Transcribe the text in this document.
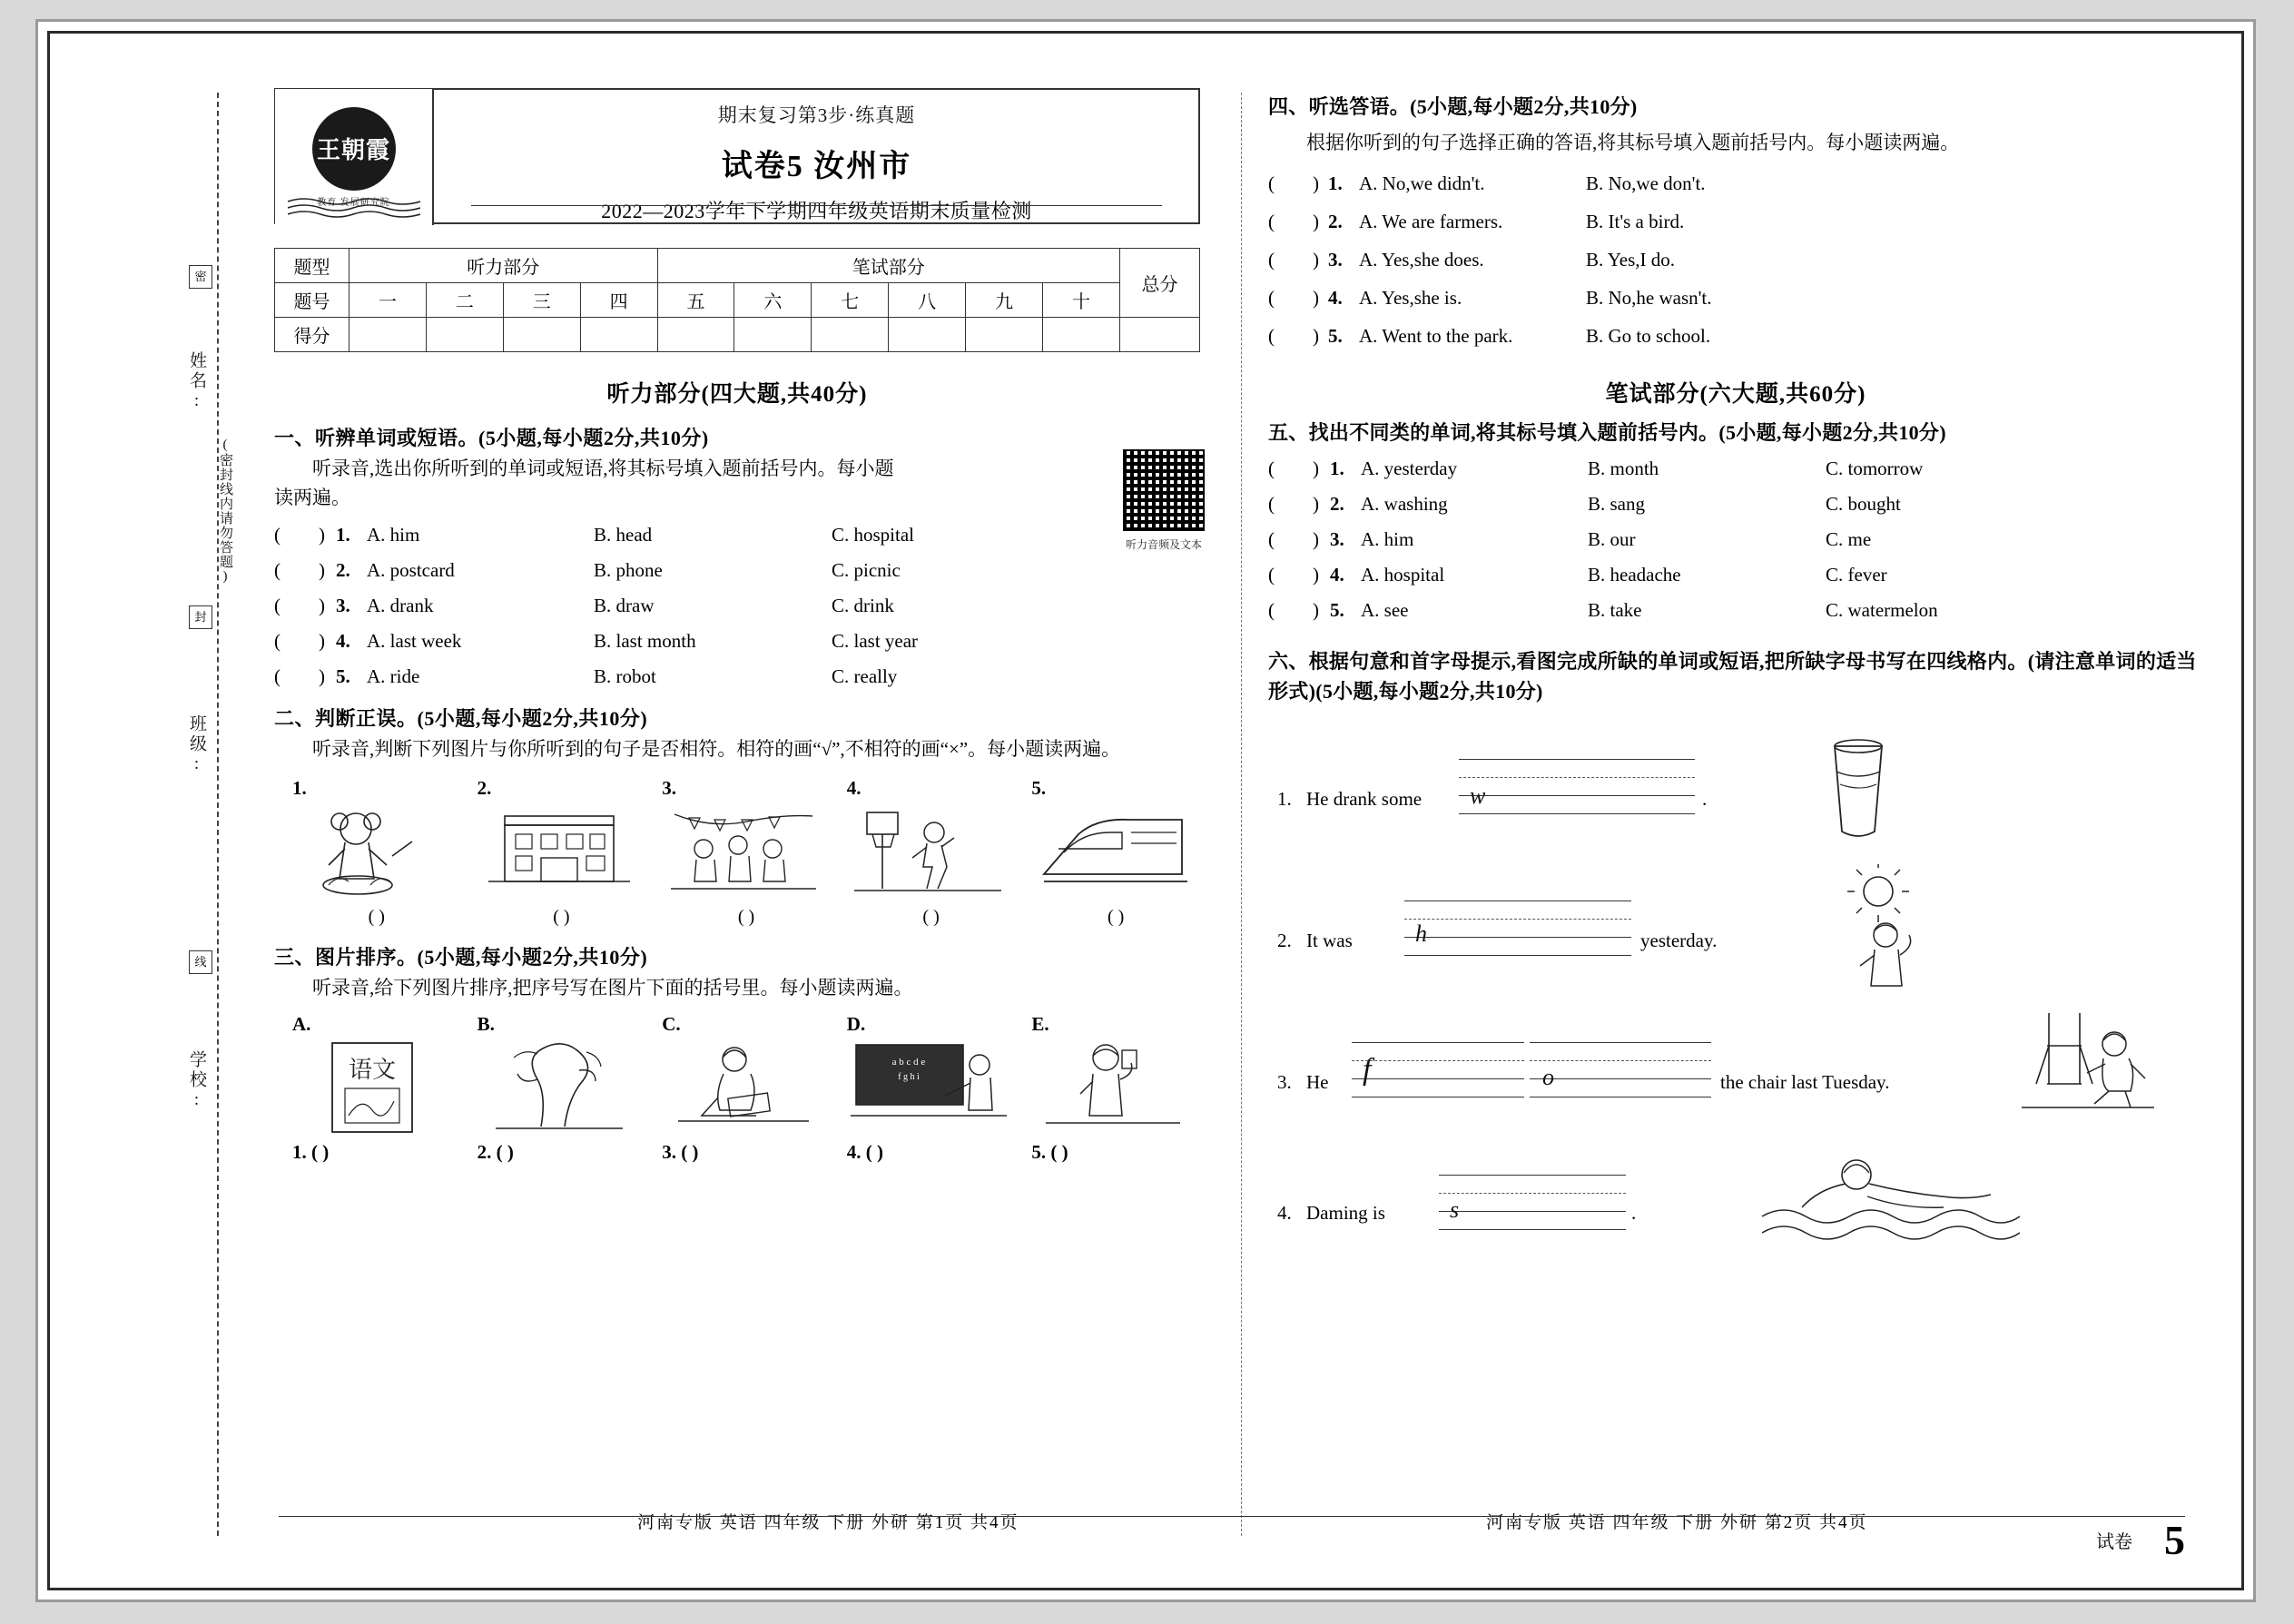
姓名:
(密封线内请勿答题)
班级:
学校:
密
封
线
王朝霞
教育 发展研究院
期末复习第3步·练真题
试卷5 汝州市
2022—2023学年下学期四年级英语期末质量检测
题型	听力部分				笔试部分						总分
题号	一	二	三	四	五	六	七	八	九	十	
得分											
听力部分(四大题,共40分)
听力音频及文本
一、听辨单词或短语。(5小题,每小题2分,共10分)
听录音,选出你所听到的单词或短语,将其标号填入题前括号内。每小题读两遍。
(　　) 1. A. him	B. head	C. hospital
(　　) 2. A. postcard	B. phone	C. picnic
(　　) 3. A. drank	B. draw	C. drink
(　　) 4. A. last week	B. last month	C. last year
(　　) 5. A. ride	B. robot	C. really
二、判断正误。(5小题,每小题2分,共10分)
听录音,判断下列图片与你所听到的句子是否相符。相符的画“√”,不相符的画“×”。每小题读两遍。
1.
( )
2.
( )
3.
( )
4.
( )
5.
( )
三、图片排序。(5小题,每小题2分,共10分)
听录音,给下列图片排序,把序号写在图片下面的括号里。每小题读两遍。
A.
语文
1. ( )
B.
2. ( )
C.
3. ( )
D.
a b c d e
f g h i
4. ( )
E.
5. ( )
河南专版 英语 四年级 下册 外研 第1页 共4页
四、听选答语。(5小题,每小题2分,共10分)
根据你听到的句子选择正确的答语,将其标号填入题前括号内。每小题读两遍。
(　　) 1. A. No,we didn't.	B. No,we don't.
(　　) 2. A. We are farmers.	B. It's a bird.
(　　) 3. A. Yes,she does.	B. Yes,I do.
(　　) 4. A. Yes,she is.	B. No,he wasn't.
(　　) 5. A. Went to the park.	B. Go to school.
笔试部分(六大题,共60分)
五、找出不同类的单词,将其标号填入题前括号内。(5小题,每小题2分,共10分)
(　　) 1. A. yesterday	B. month	C. tomorrow
(　　) 2. A. washing	B. sang	C. bought
(　　) 3. A. him	B. our	C. me
(　　) 4. A. hospital	B. headache	C. fever
(　　) 5. A. see	B. take	C. watermelon
六、根据句意和首字母提示,看图完成所缺的单词或短语,把所缺字母书写在四线格内。(请注意单词的适当形式)(5小题,每小题2分,共10分)
1. He drank some w	.
2. It was	h	yesterday.
3. He f	o	the chair last Tuesday.
4. Daming is	s	.
河南专版 英语 四年级 下册 外研 第2页 共4页
试卷 5
